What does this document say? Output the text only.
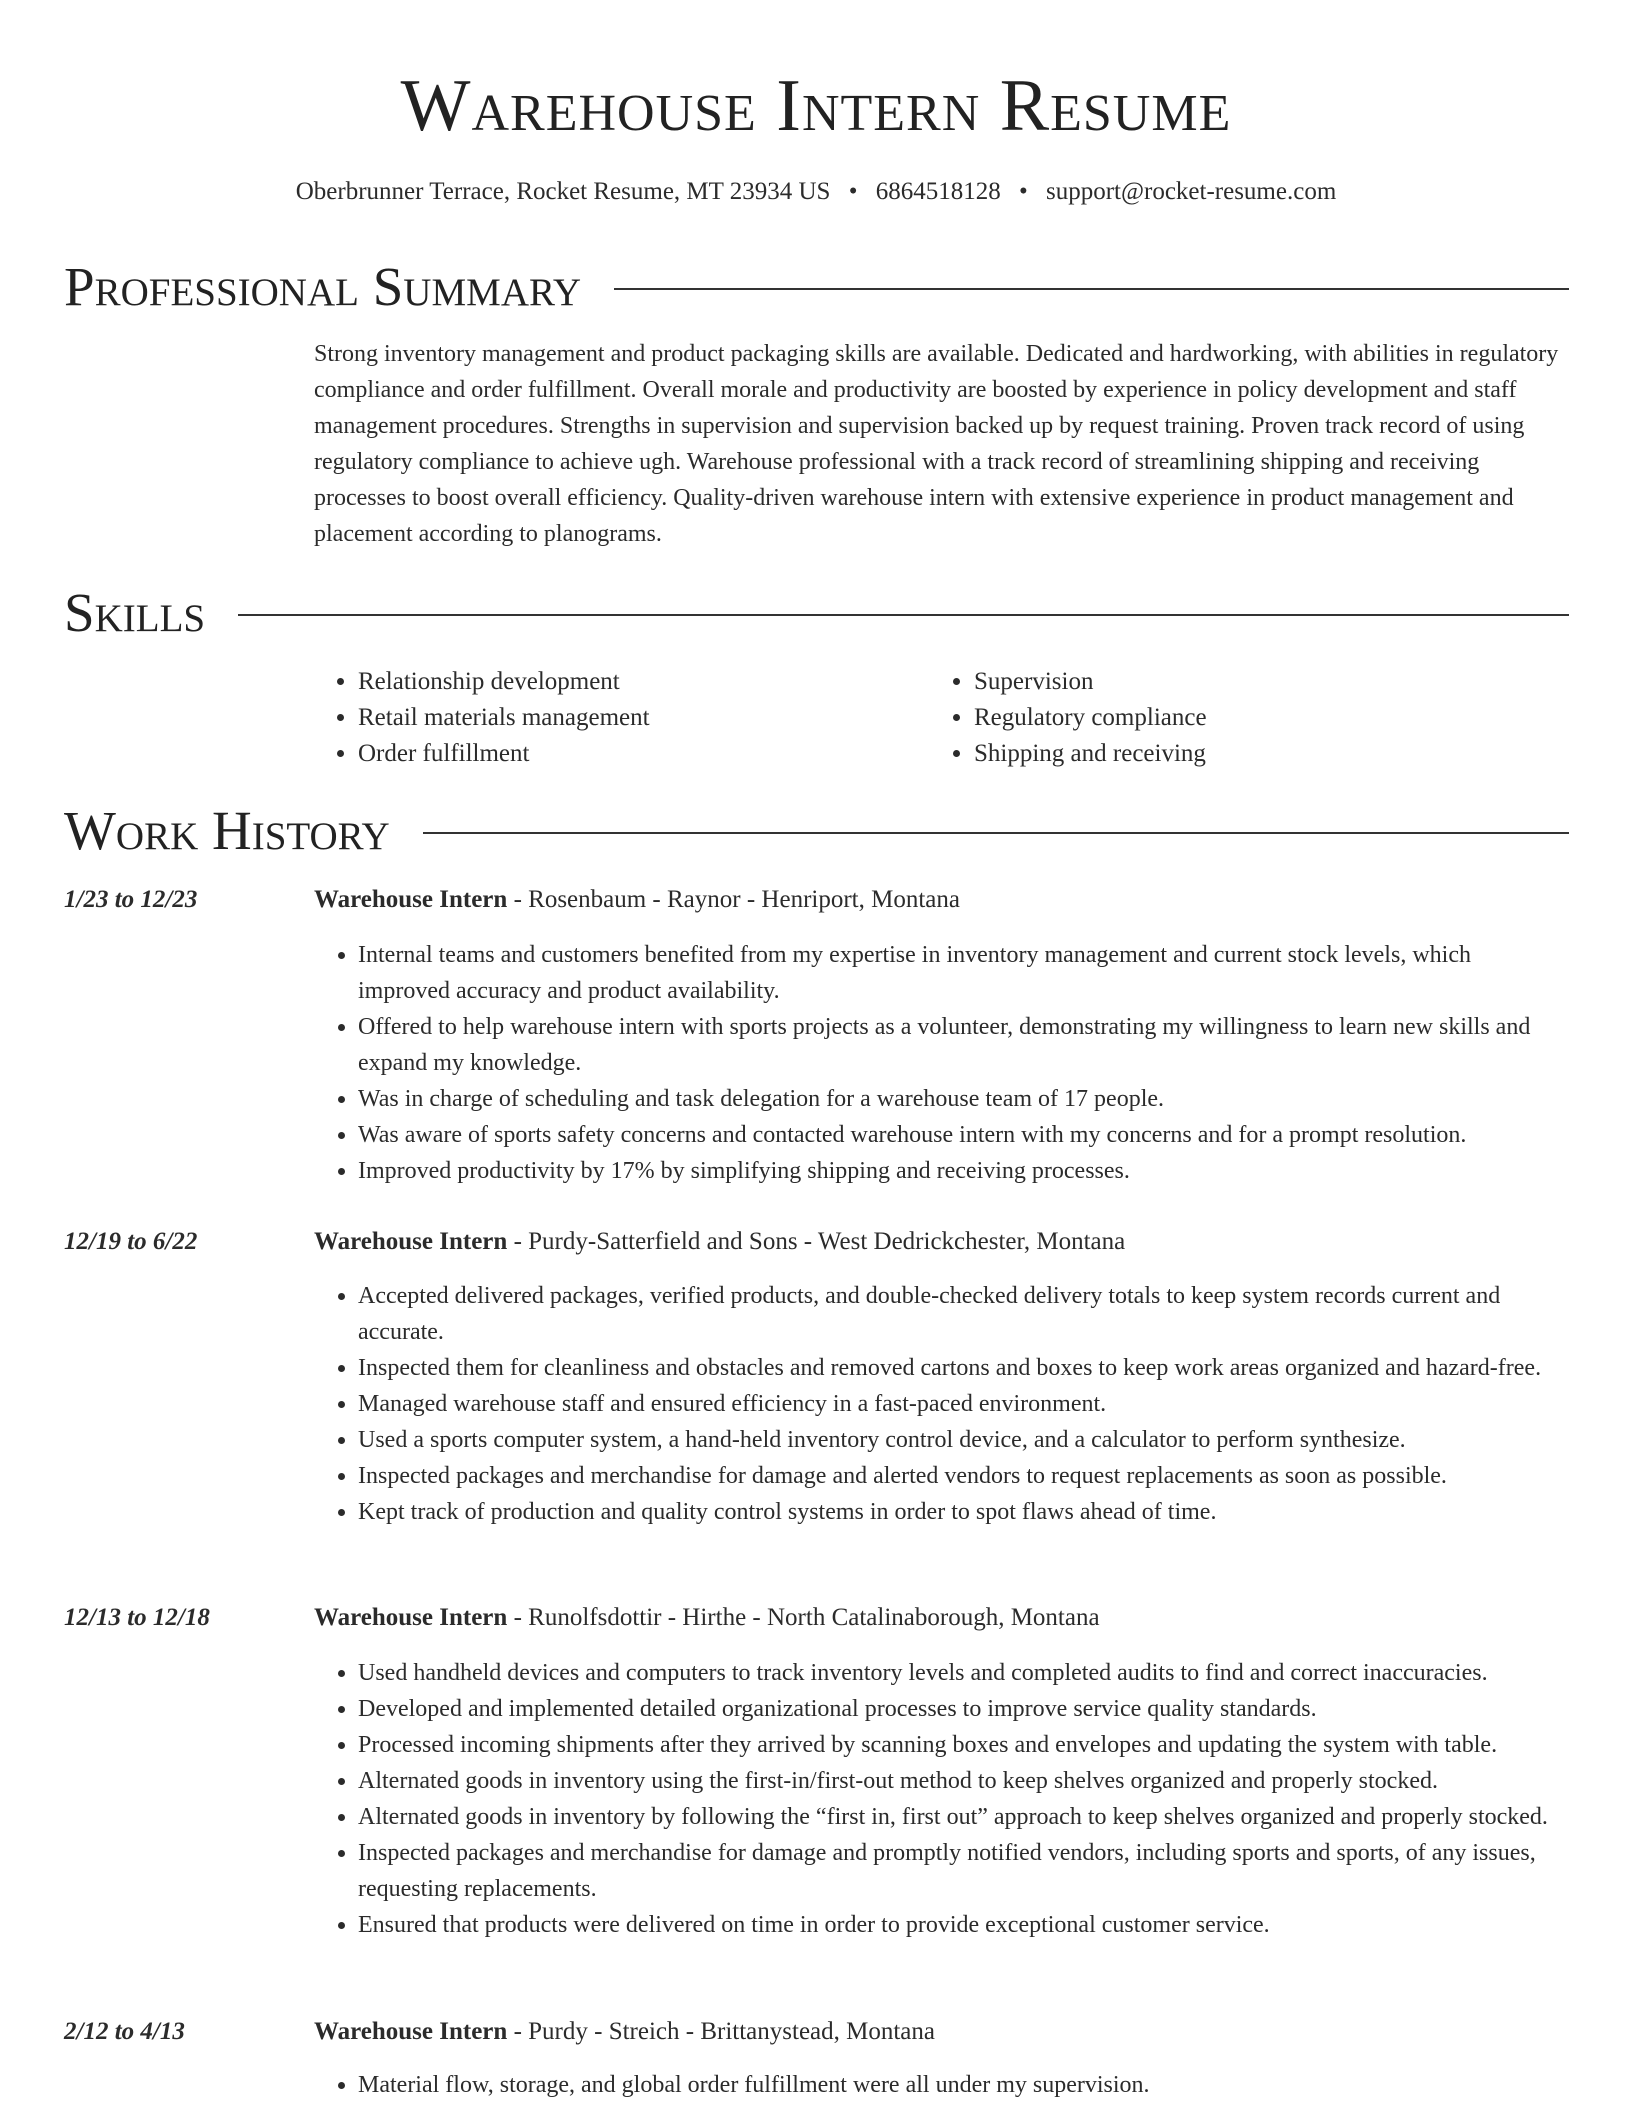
Warehouse Intern Resume
Oberbrunner Terrace, Rocket Resume, MT 23934 US • 6864518128 • support@rocket-resume.com
Professional Summary

Strong inventory management and product packaging skills are available. Dedicated and hardworking, with abilities in regulatory compliance and order fulfillment. Overall morale and productivity are boosted by experience in policy development and staff management procedures. Strengths in supervision and supervision backed up by request training. Proven track record of using regulatory compliance to achieve ugh. Warehouse professional with a track record of streamlining shipping and receiving processes to boost overall efficiency. Quality-driven warehouse intern with extensive experience in product management and placement according to planograms.

Skills
• Relationship development
• Retail materials management
• Order fulfillment
• Supervision
• Regulatory compliance
• Shipping and receiving
Work History
1/23 to 12/23	Warehouse Intern - Rosenbaum - Raynor - Henriport, Montana
• Internal teams and customers benefited from my expertise in inventory management and current stock levels, which improved accuracy and product availability.
• Offered to help warehouse intern with sports projects as a volunteer, demonstrating my willingness to learn new skills and expand my knowledge.
• Was in charge of scheduling and task delegation for a warehouse team of 17 people.
• Was aware of sports safety concerns and contacted warehouse intern with my concerns and for a prompt resolution.
• Improved productivity by 17% by simplifying shipping and receiving processes.
12/19 to 6/22	Warehouse Intern - Purdy-Satterfield and Sons - West Dedrickchester, Montana
• Accepted delivered packages, verified products, and double-checked delivery totals to keep system records current and accurate.
• Inspected them for cleanliness and obstacles and removed cartons and boxes to keep work areas organized and hazard-free.
• Managed warehouse staff and ensured efficiency in a fast-paced environment.
• Used a sports computer system, a hand-held inventory control device, and a calculator to perform synthesize.
• Inspected packages and merchandise for damage and alerted vendors to request replacements as soon as possible.
• Kept track of production and quality control systems in order to spot flaws ahead of time.
12/13 to 12/18	Warehouse Intern - Runolfsdottir - Hirthe - North Catalinaborough, Montana
• Used handheld devices and computers to track inventory levels and completed audits to find and correct inaccuracies.
• Developed and implemented detailed organizational processes to improve service quality standards.
• Processed incoming shipments after they arrived by scanning boxes and envelopes and updating the system with table.
• Alternated goods in inventory using the first-in/first-out method to keep shelves organized and properly stocked.
• Alternated goods in inventory by following the “first in, first out” approach to keep shelves organized and properly stocked.
• Inspected packages and merchandise for damage and promptly notified vendors, including sports and sports, of any issues, requesting replacements.
• Ensured that products were delivered on time in order to provide exceptional customer service.
2/12 to 4/13	Warehouse Intern - Purdy - Streich - Brittanystead, Montana
• Material flow, storage, and global order fulfillment were all under my supervision.
